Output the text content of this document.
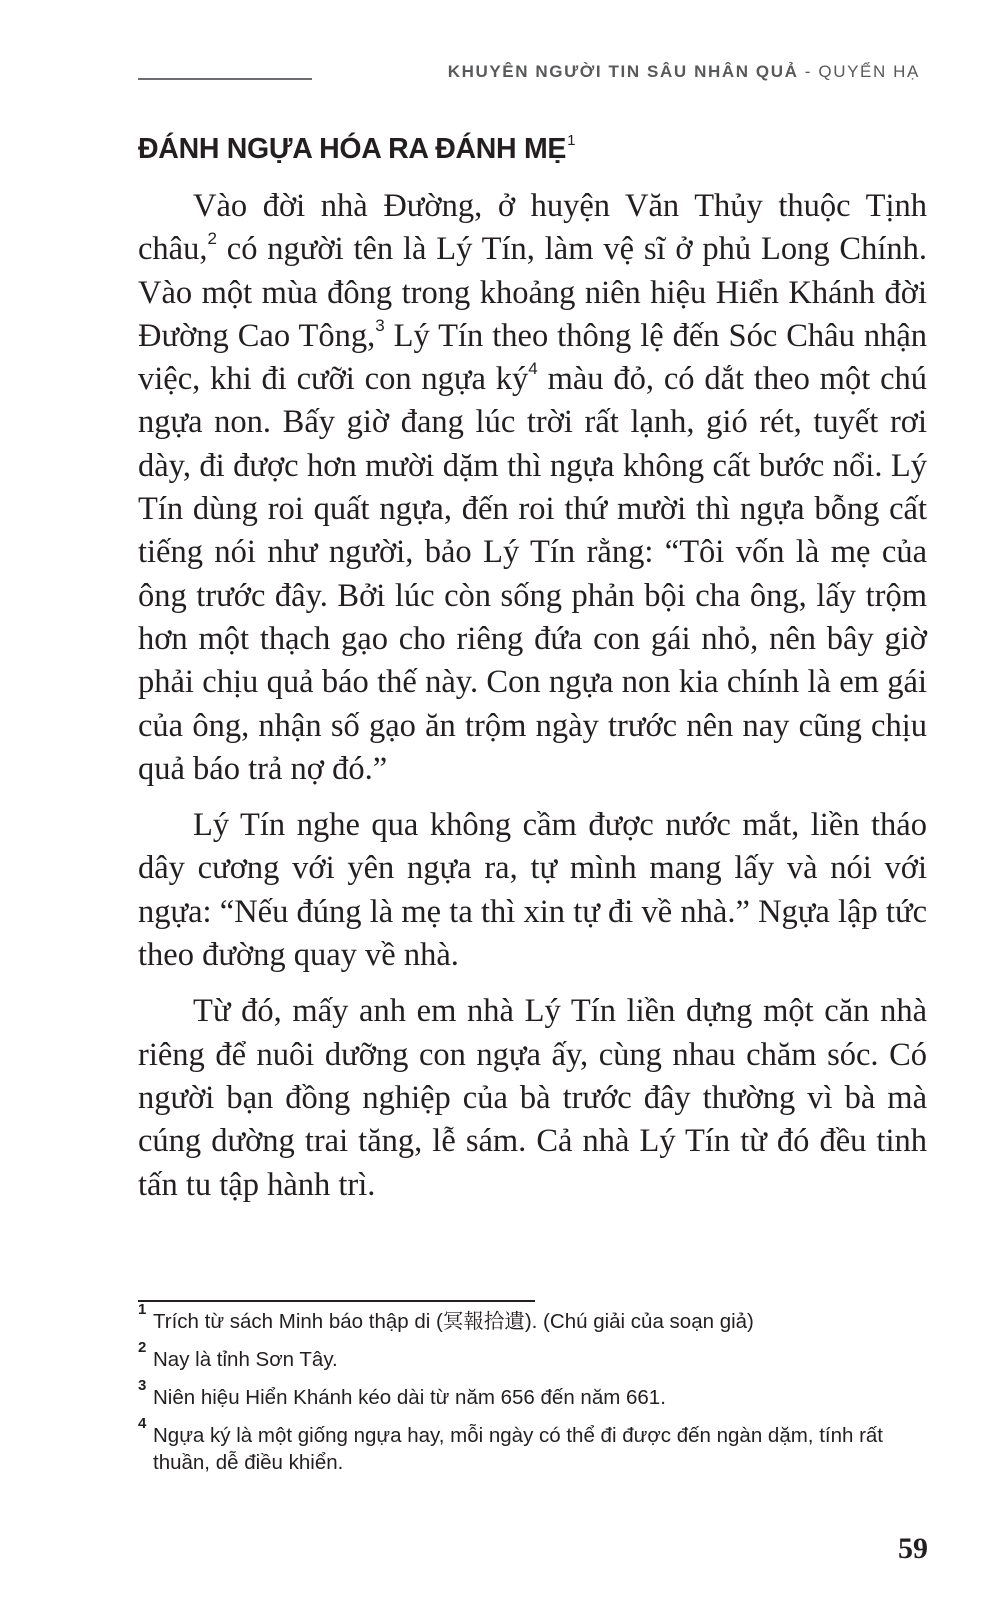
KHUYÊN NGƯỜI TIN SÂU NHÂN QUẢ - QUYỂN HẠ
ĐÁNH NGỰA HÓA RA ĐÁNH MẸ$^1$

Vào đời nhà Đường, ở huyện Văn Thủy thuộc Tịnh châu,$^2$ có người tên là Lý Tín, làm vệ sĩ ở phủ Long Chính. Vào một mùa đông trong khoảng niên hiệu Hiển Khánh đời Đường Cao Tông,$^3$ Lý Tín theo thông lệ đến Sóc Châu nhận việc, khi đi cưỡi con ngựa $ký^4$ màu đỏ, có dắt theo một chú ngựa non. Bấy giờ đang lúc trời rất lạnh, gió rét, tuyết rơi dày, đi được hơn mười dặm thì ngựa không cất bước nổi. Lý Tín dùng roi quất ngựa, đến roi thứ mười thì ngựa bỗng cất tiếng nói như người, bảo Lý Tín rằng: “Tôi vốn là mẹ của ông trước đây. Bởi lúc còn sống phản bội cha ông, lấy trộm hơn một thạch gạo cho riêng đứa con gái nhỏ, nên bây giờ phải chịu quả báo thế này. Con ngựa non kia chính là em gái của ông, nhận số gạo ăn trộm ngày trước nên nay cũng chịu quả báo trả nợ đó.”

Lý Tín nghe qua không cầm được nước mắt, liền tháo dây cương với yên ngựa ra, tự mình mang lấy và nói với ngựa: “Nếu đúng là mẹ ta thì xin tự đi về nhà.” Ngựa lập tức theo đường quay về nhà.

Từ đó, mấy anh em nhà Lý Tín liền dựng một căn nhà riêng để nuôi dưỡng con ngựa ấy, cùng nhau chăm sóc. Có người bạn đồng nghiệp của bà trước đây thường vì bà mà cúng dường trai tăng, lễ sám. Cả nhà Lý Tín từ đó đều tinh tấn tu tập hành trì.

1
Trích từ sách Minh báo thập di (冥報拾遺). (Chú giải của soạn giả)
2
Nay là tỉnh Sơn Tây.
3
Niên hiệu Hiển Khánh kéo dài từ năm 656 đến năm 661.
4
Ngựa ký là một giống ngựa hay, mỗi ngày có thể đi được đến ngàn dặm, tính rất thuần, dễ điều khiển.
59
